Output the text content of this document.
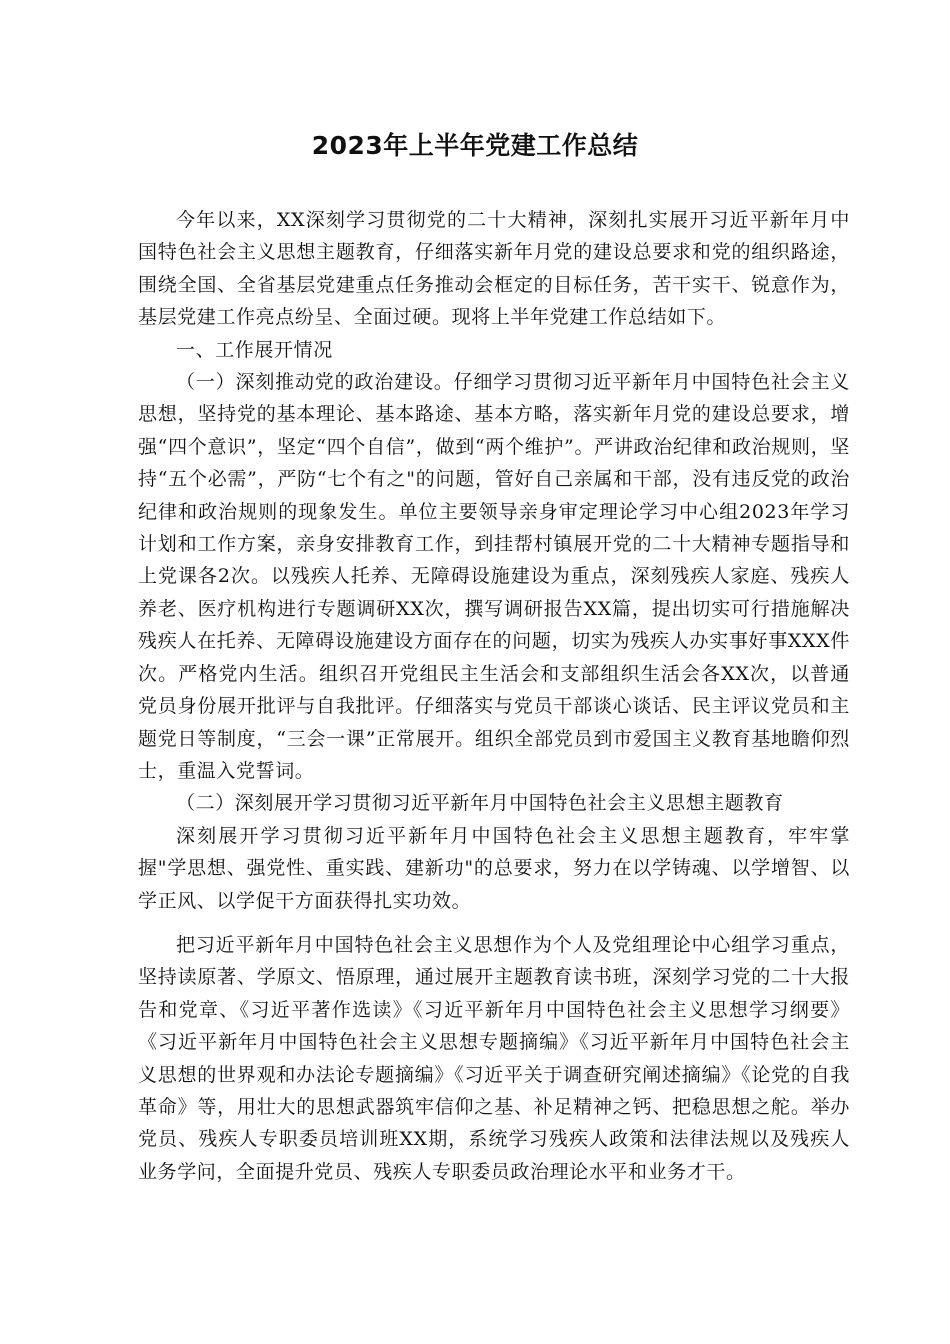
2023年上半年党建工作总结

今年以来，XX深刻学习贯彻党的二十大精神，深刻扎实展开习近平新年月中国特色社会主义思想主题教育，仔细落实新年月党的建设总要求和党的组织路途，围绕全国、全省基层党建重点任务推动会框定的目标任务，苦干实干、锐意作为，基层党建工作亮点纷呈、全面过硬。现将上半年党建工作总结如下。

一、工作展开情况

（一）深刻推动党的政治建设。仔细学习贯彻习近平新年月中国特色社会主义思想，坚持党的基本理论、基本路途、基本方略，落实新年月党的建设总要求，增强“四个意识”，坚定“四个自信”，做到“两个维护”。严讲政治纪律和政治规则，坚持“五个必需”，严防“七个有之"的问题，管好自己亲属和干部，没有违反党的政治纪律和政治规则的现象发生。单位主要领导亲身审定理论学习中心组2023年学习计划和工作方案，亲身安排教育工作，到挂帮村镇展开党的二十大精神专题指导和上党课各2次。以残疾人托养、无障碍设施建设为重点，深刻残疾人家庭、残疾人养老、医疗机构进行专题调研XX次，撰写调研报告XX篇，提出切实可行措施解决残疾人在托养、无障碍设施建设方面存在的问题，切实为残疾人办实事好事XXX件次。严格党内生活。组织召开党组民主生活会和支部组织生活会各XX次，以普通党员身份展开批评与自我批评。仔细落实与党员干部谈心谈话、民主评议党员和主题党日等制度，“三会一课”正常展开。组织全部党员到市爱国主义教育基地瞻仰烈士，重温入党誓词。

（二）深刻展开学习贯彻习近平新年月中国特色社会主义思想主题教育

深刻展开学习贯彻习近平新年月中国特色社会主义思想主题教育，牢牢掌握"学思想、强党性、重实践、建新功"的总要求，努力在以学铸魂、以学增智、以学正风、以学促干方面获得扎实功效。

把习近平新年月中国特色社会主义思想作为个人及党组理论中心组学习重点，坚持读原著、学原文、悟原理，通过展开主题教育读书班，深刻学习党的二十大报告和党章、《习近平著作选读》《习近平新年月中国特色社会主义思想学习纲要》《习近平新年月中国特色社会主义思想专题摘编》《习近平新年月中国特色社会主义思想的世界观和办法论专题摘编》《习近平关于调查研究阐述摘编》《论党的自我革命》等，用壮大的思想武器筑牢信仰之基、补足精神之钙、把稳思想之舵。举办党员、残疾人专职委员培训班XX期，系统学习残疾人政策和法律法规以及残疾人业务学问，全面提升党员、残疾人专职委员政治理论水平和业务才干。
